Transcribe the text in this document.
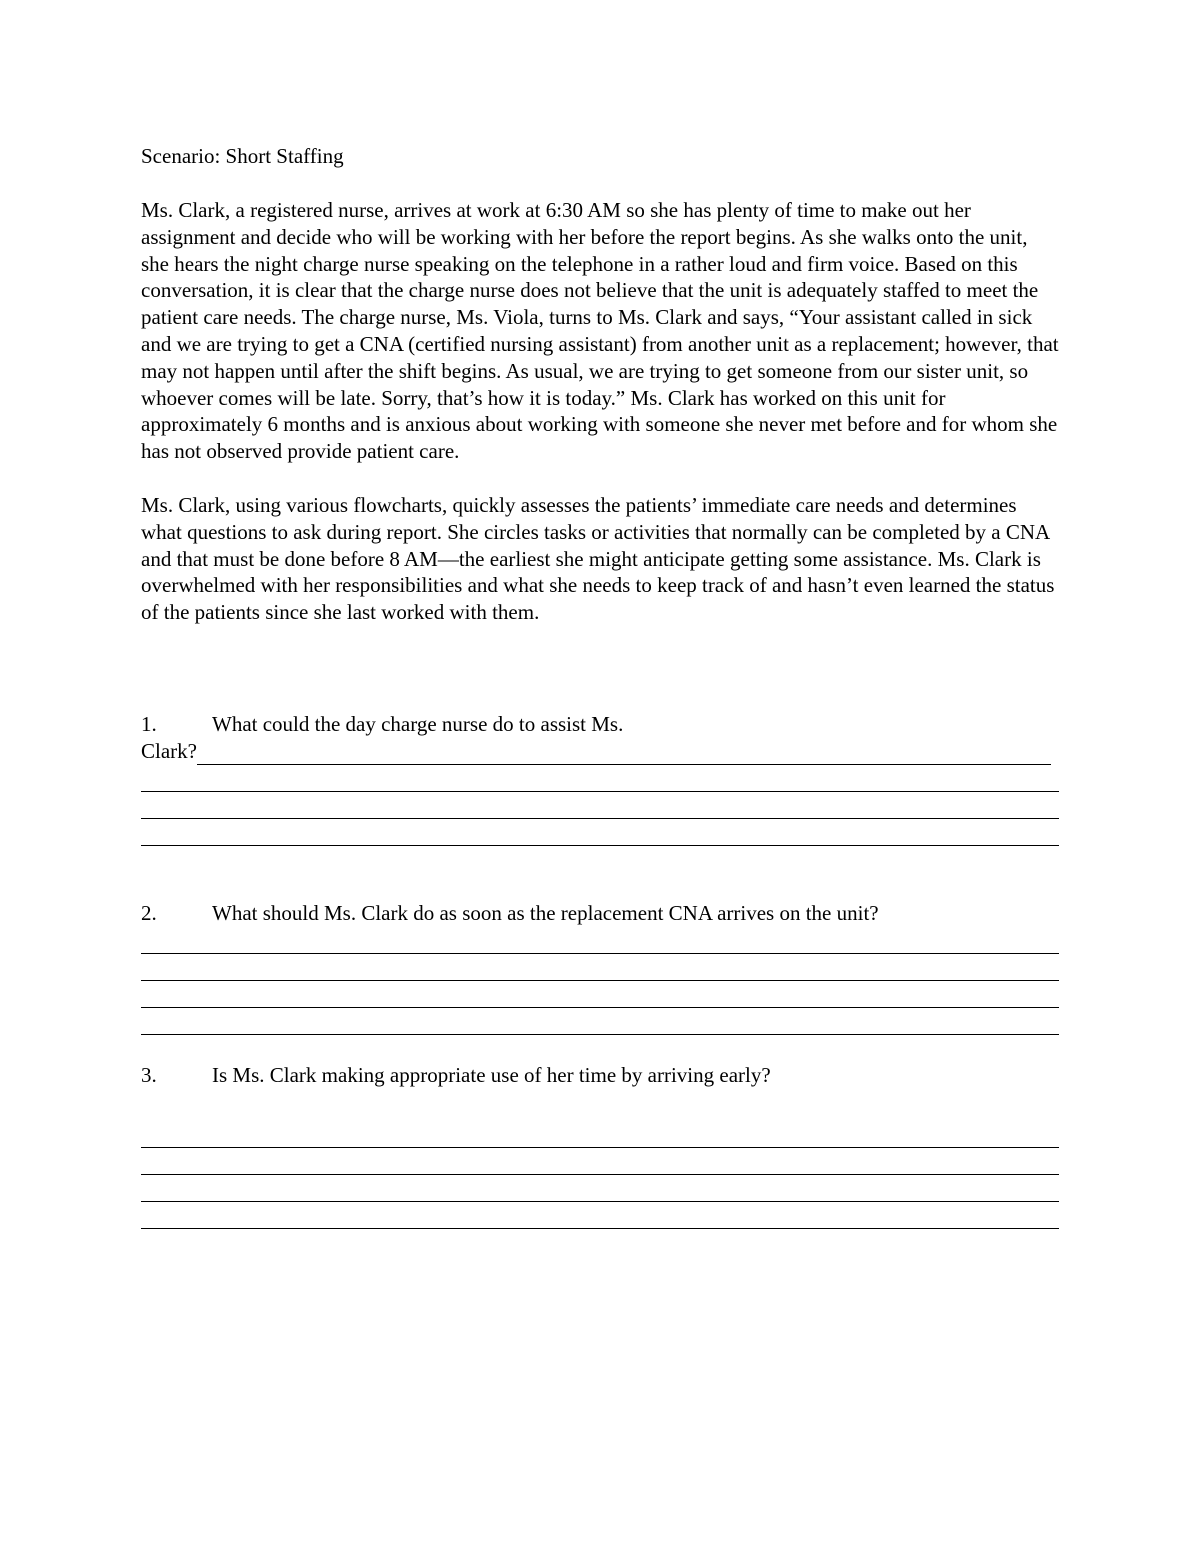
Scenario: Short Staffing

Ms. Clark, a registered nurse, arrives at work at 6:30 AM so she has plenty of time to make out her assignment and decide who will be working with her before the report begins. As she walks onto the unit, she hears the night charge nurse speaking on the telephone in a rather loud and firm voice. Based on this conversation, it is clear that the charge nurse does not believe that the unit is adequately staffed to meet the patient care needs. The charge nurse, Ms. Viola, turns to Ms. Clark and says, “Your assistant called in sick and we are trying to get a CNA (certified nursing assistant) from another unit as a replacement; however, that may not happen until after the shift begins. As usual, we are trying to get someone from our sister unit, so whoever comes will be late. Sorry, that’s how it is today.” Ms. Clark has worked on this unit for approximately 6 months and is anxious about working with someone she never met before and for whom she has not observed provide patient care.

Ms. Clark, using various flowcharts, quickly assesses the patients’ immediate care needs and determines what questions to ask during report. She circles tasks or activities that normally can be completed by a CNA and that must be done before 8 AM—the earliest she might anticipate getting some assistance. Ms. Clark is overwhelmed with her responsibilities and what she needs to keep track of and hasn’t even learned the status of the patients since she last worked with them.

1.	What could the day charge nurse do to assist Ms.
Clark?
2.	What should Ms. Clark do as soon as the replacement CNA arrives on the unit?
3.	Is Ms. Clark making appropriate use of her time by arriving early?
